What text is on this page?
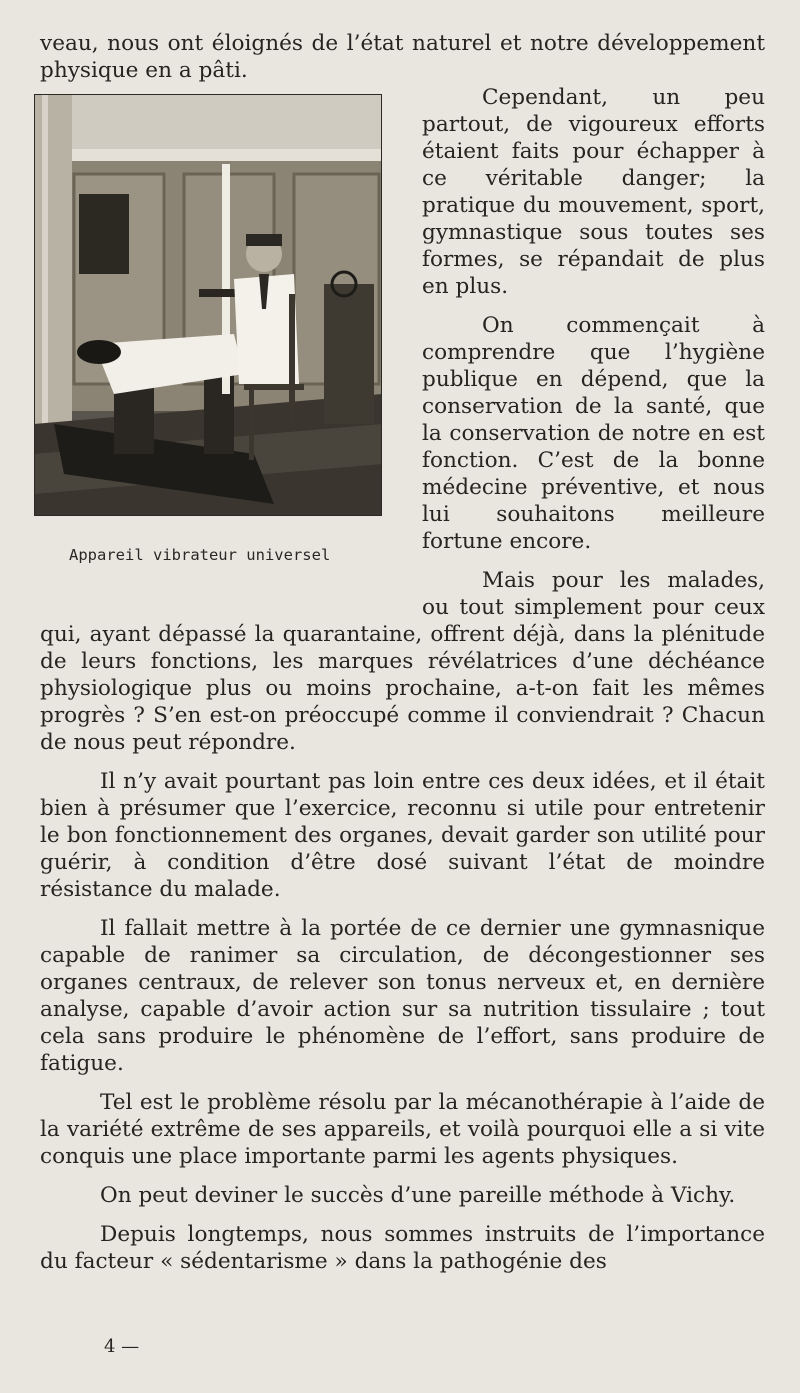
veau, nous ont éloignés de l’état naturel et notre développement physique en a pâti.

Appareil vibrateur universel

Cependant, un peu partout, de vigoureux efforts étaient faits pour échapper à ce véritable danger; la pratique du mouvement, sport, gymnastique sous toutes ses formes, se répandait de plus en plus.

On commençait à comprendre que l’hygiène publique en dépend, que la conservation de la santé, que la conservation de notre en est fonction. C’est de la bonne médecine préventive, et nous lui souhaitons meilleure fortune encore.

Mais pour les malades, ou tout simplement pour ceux qui, ayant dépassé la quarantaine, offrent déjà, dans la plénitude de leurs fonctions, les marques révélatrices d’une déchéance physiologique plus ou moins prochaine, a-t-on fait les mêmes progrès ? S’en est-on préoccupé comme il conviendrait ? Chacun de nous peut répondre.

Il n’y avait pourtant pas loin entre ces deux idées, et il était bien à présumer que l’exercice, reconnu si utile pour entretenir le bon fonctionnement des organes, devait garder son utilité pour guérir, à condition d’être dosé suivant l’état de moindre résistance du malade.

Il fallait mettre à la portée de ce dernier une gymnasnique capable de ranimer sa circulation, de décongestionner ses organes centraux, de relever son tonus nerveux et, en dernière analyse, capable d’avoir action sur sa nutrition tissulaire ; tout cela sans produire le phénomène de l’effort, sans produire de fatigue.

Tel est le problème résolu par la mécanothérapie à l’aide de la variété extrême de ses appareils, et voilà pourquoi elle a si vite conquis une place importante parmi les agents physiques.

On peut deviner le succès d’une pareille méthode à Vichy.

Depuis longtemps, nous sommes instruits de l’importance du facteur « sédentarisme » dans la pathogénie des

4 —
